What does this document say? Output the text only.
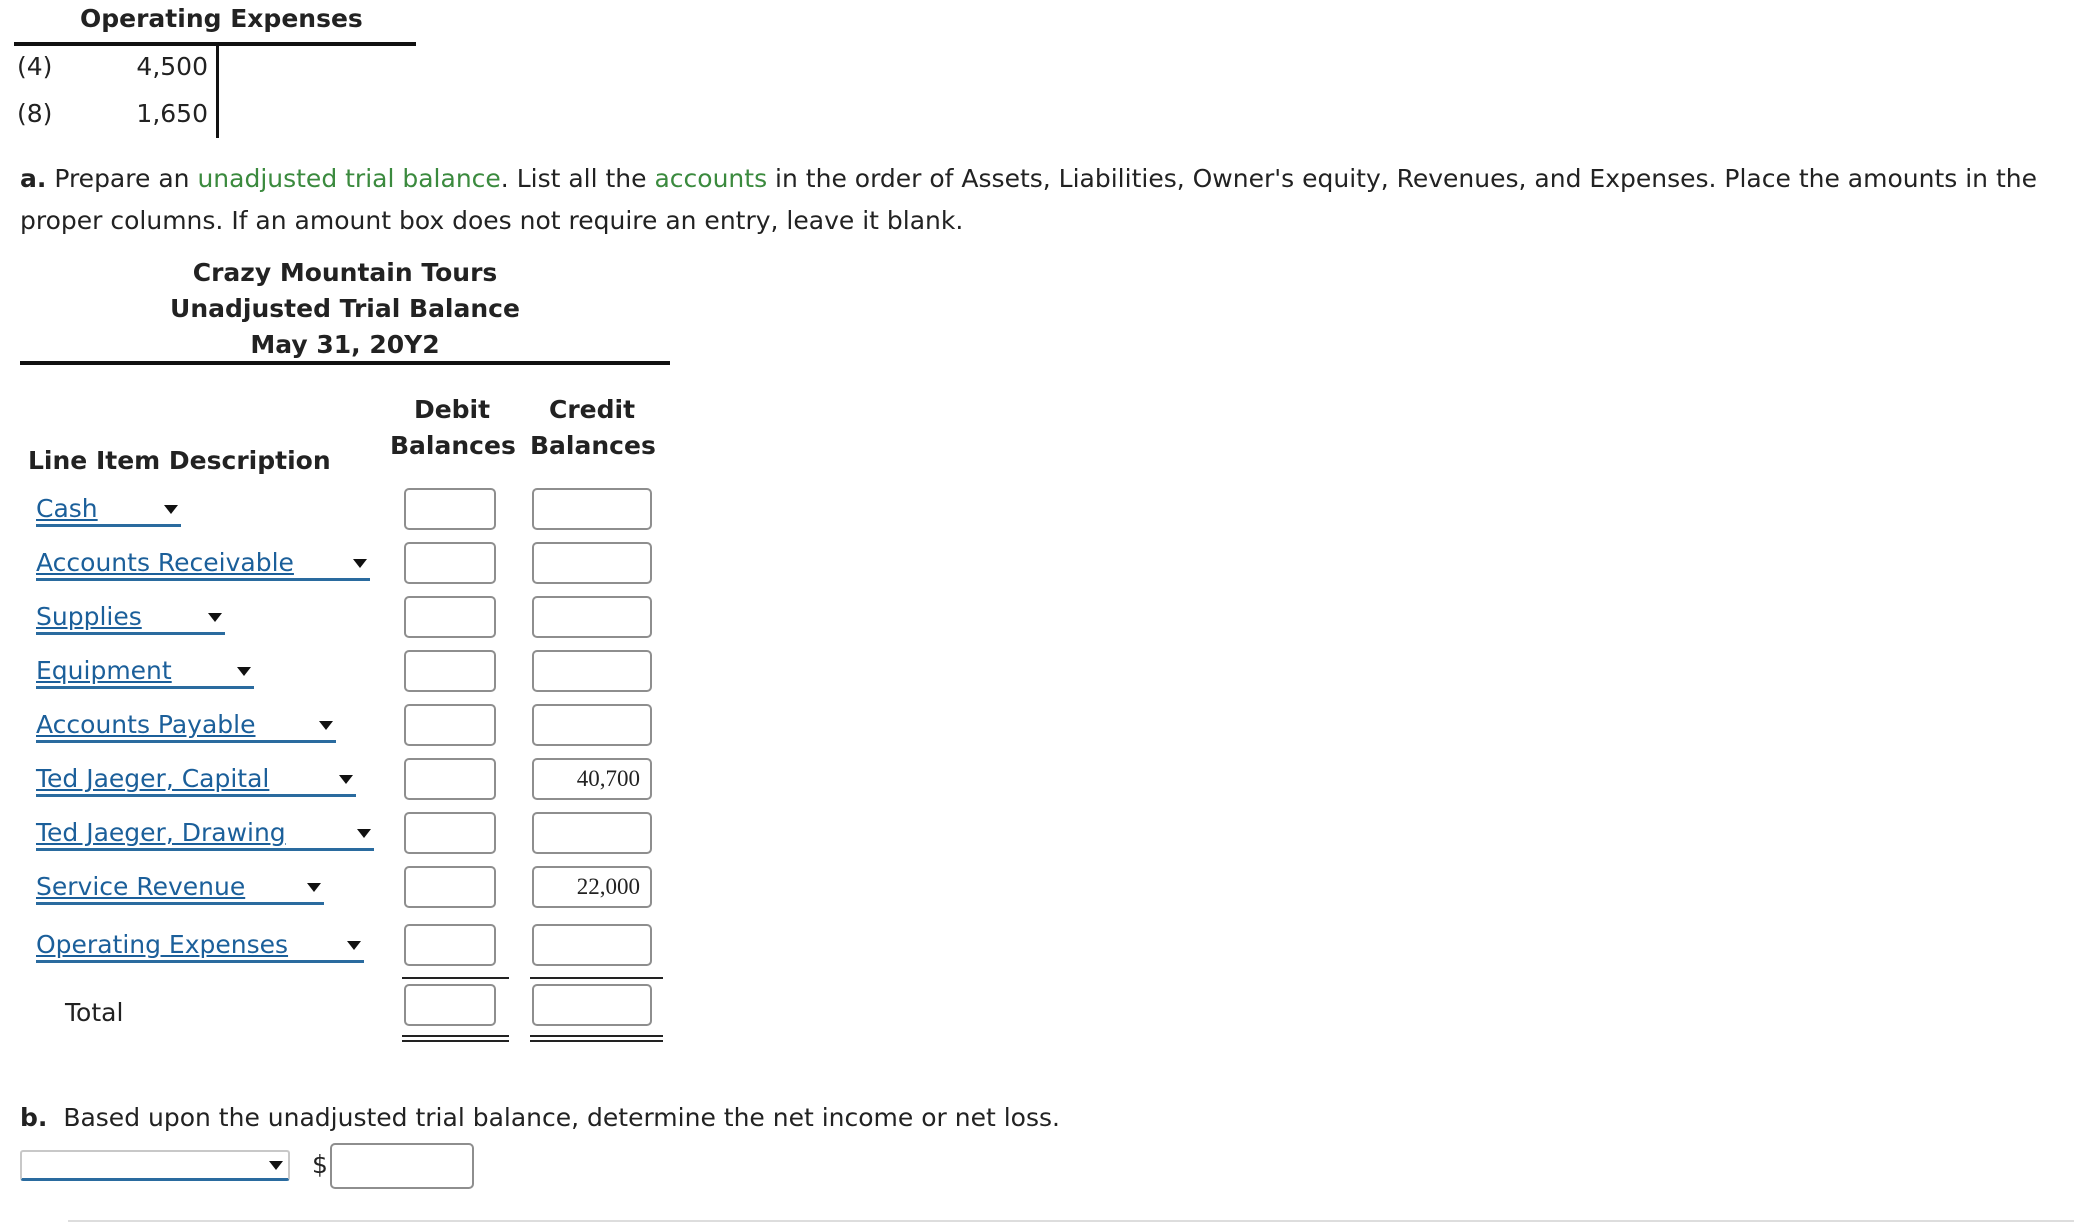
Operating Expenses
(4)	4,500
(8)	1,650
a. Prepare an unadjusted trial balance. List all the accounts in the order of Assets, Liabilities, Owner's equity, Revenues, and Expenses. Place the amounts in the proper columns. If an amount box does not require an entry, leave it blank.
Crazy Mountain Tours
Unadjusted Trial Balance
May 31, 20Y2
Debit
Balances
Credit
Balances
Line Item Description
Cash
Accounts Receivable
Supplies
Equipment
Accounts Payable
Ted Jaeger, Capital
40,700
Ted Jaeger, Drawing
Service Revenue
22,000
Operating Expenses
Total
b. Based upon the unadjusted trial balance, determine the net income or net loss.
$
